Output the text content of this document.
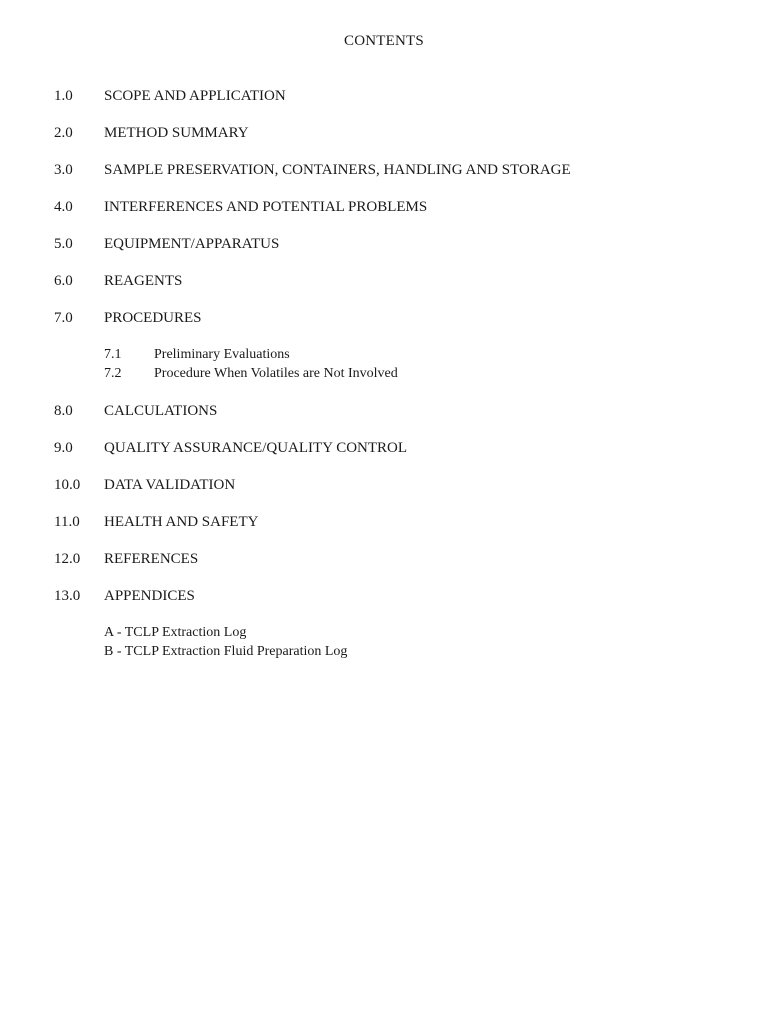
CONTENTS
1.0	SCOPE AND APPLICATION
2.0	METHOD SUMMARY
3.0	SAMPLE PRESERVATION, CONTAINERS, HANDLING AND STORAGE
4.0	INTERFERENCES AND POTENTIAL PROBLEMS
5.0	EQUIPMENT/APPARATUS
6.0	REAGENTS
7.0	PROCEDURES
7.1	Preliminary Evaluations
7.2	Procedure When Volatiles are Not Involved
8.0	CALCULATIONS
9.0	QUALITY ASSURANCE/QUALITY CONTROL
10.0	DATA VALIDATION
11.0	HEALTH AND SAFETY
12.0	REFERENCES
13.0	APPENDICES
A - TCLP Extraction Log
B - TCLP Extraction Fluid Preparation Log
